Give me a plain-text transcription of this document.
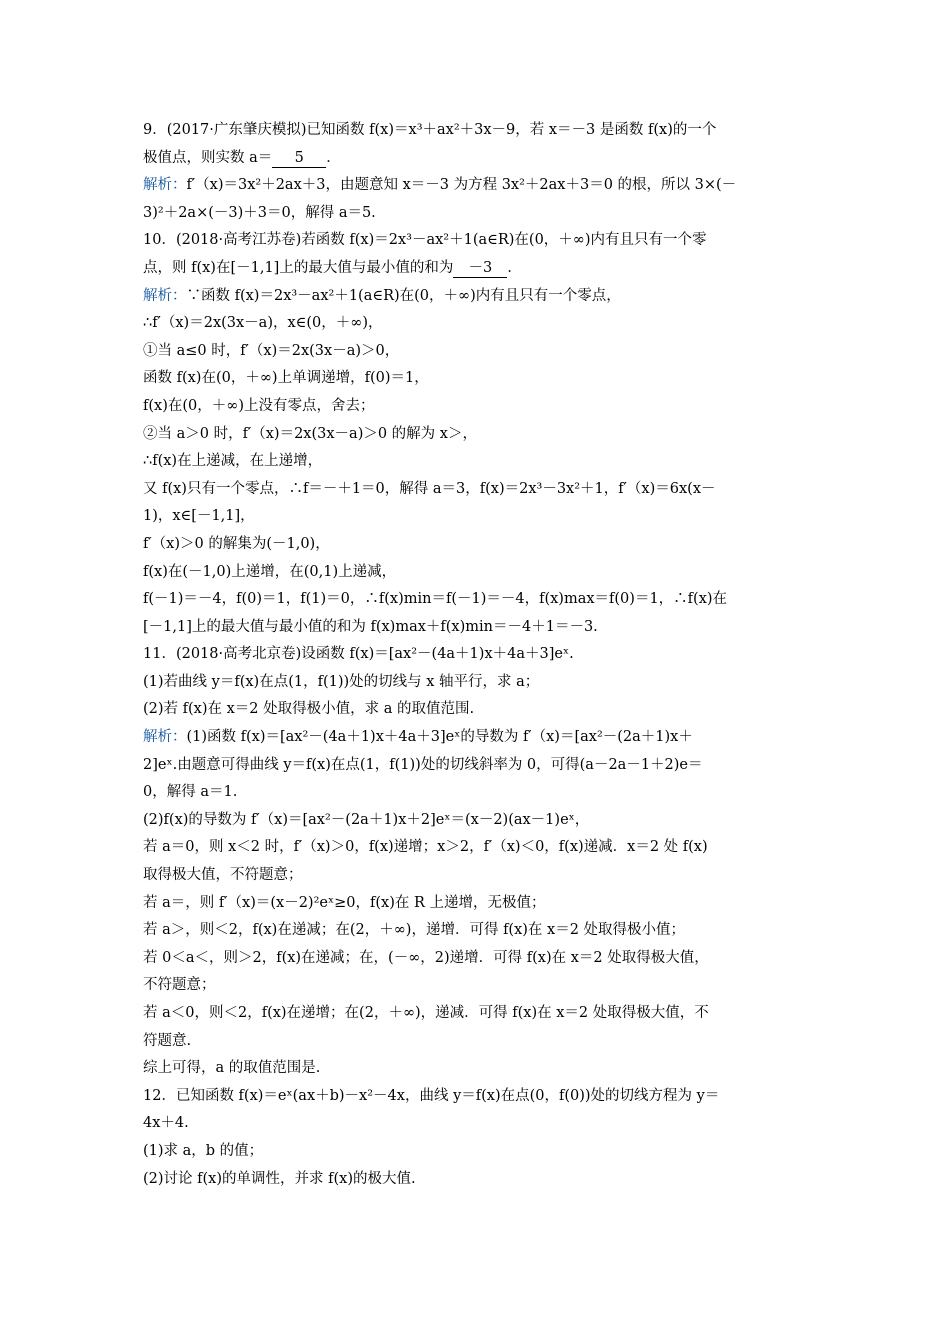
9．(2017·广东肇庆模拟)已知函数 f(x)＝x³＋ax²＋3x－9，若 x＝－3 是函数 f(x)的一个
极值点，则实数 a＝ 5 ．
解析：f′（x)＝3x²＋2ax＋3，由题意知 x＝－3 为方程 3x²＋2ax＋3＝0 的根，所以 3×(－
3)²＋2a×(－3)＋3＝0，解得 a＝5.
10．(2018·高考江苏卷)若函数 f(x)＝2x³－ax²＋1(a∈R)在(0，＋∞)内有且只有一个零
点，则 f(x)在[－1,1]上的最大值与最小值的和为 －3 ．
解析：∵函数 f(x)＝2x³－ax²＋1(a∈R)在(0，＋∞)内有且只有一个零点，
∴f′（x)＝2x(3x－a)，x∈(0，＋∞)，
①当 a≤0 时，f′（x)＝2x(3x－a)＞0，
函数 f(x)在(0，＋∞)上单调递增，f(0)＝1，
f(x)在(0，＋∞)上没有零点，舍去；
②当 a＞0 时，f′（x)＝2x(3x－a)＞0 的解为 x＞，
∴f(x)在上递减，在上递增，
又 f(x)只有一个零点，∴f＝－＋1＝0，解得 a＝3，f(x)＝2x³－3x²＋1，f′（x)＝6x(x－
1)，x∈[－1,1]，
f′（x)＞0 的解集为(－1,0)，
f(x)在(－1,0)上递增，在(0,1)上递减，
f(－1)＝－4，f(0)＝1，f(1)＝0，∴f(x)min＝f(－1)＝－4，f(x)max＝f(0)＝1，∴f(x)在
[－1,1]上的最大值与最小值的和为 f(x)max＋f(x)min＝－4＋1＝－3.
11．(2018·高考北京卷)设函数 f(x)＝[ax²－(4a＋1)x＋4a＋3]eˣ.
(1)若曲线 y＝f(x)在点(1，f(1))处的切线与 x 轴平行，求 a；
(2)若 f(x)在 x＝2 处取得极小值，求 a 的取值范围.
解析：(1)函数 f(x)＝[ax²－(4a＋1)x＋4a＋3]eˣ的导数为 f′（x)＝[ax²－(2a＋1)x＋
2]eˣ.由题意可得曲线 y＝f(x)在点(1，f(1))处的切线斜率为 0，可得(a－2a－1＋2)e＝
0，解得 a＝1.
(2)f(x)的导数为 f′（x)＝[ax²－(2a＋1)x＋2]eˣ＝(x－2)(ax－1)eˣ，
若 a＝0，则 x＜2 时，f′（x)＞0，f(x)递增；x＞2，f′（x)＜0，f(x)递减．x＝2 处 f(x)
取得极大值，不符题意；
若 a＝，则 f′（x)＝(x－2)²eˣ≥0，f(x)在 R 上递增，无极值；
若 a＞，则＜2，f(x)在递减；在(2，＋∞)，递增．可得 f(x)在 x＝2 处取得极小值；
若 0＜a＜，则＞2，f(x)在递减；在，(－∞，2)递增．可得 f(x)在 x＝2 处取得极大值，
不符题意；
若 a＜0，则＜2，f(x)在递增；在(2，＋∞)，递减．可得 f(x)在 x＝2 处取得极大值，不
符题意.
综上可得，a 的取值范围是.
12．已知函数 f(x)＝eˣ(ax＋b)－x²－4x，曲线 y＝f(x)在点(0，f(0))处的切线方程为 y＝
4x＋4.
(1)求 a，b 的值；
(2)讨论 f(x)的单调性，并求 f(x)的极大值.
